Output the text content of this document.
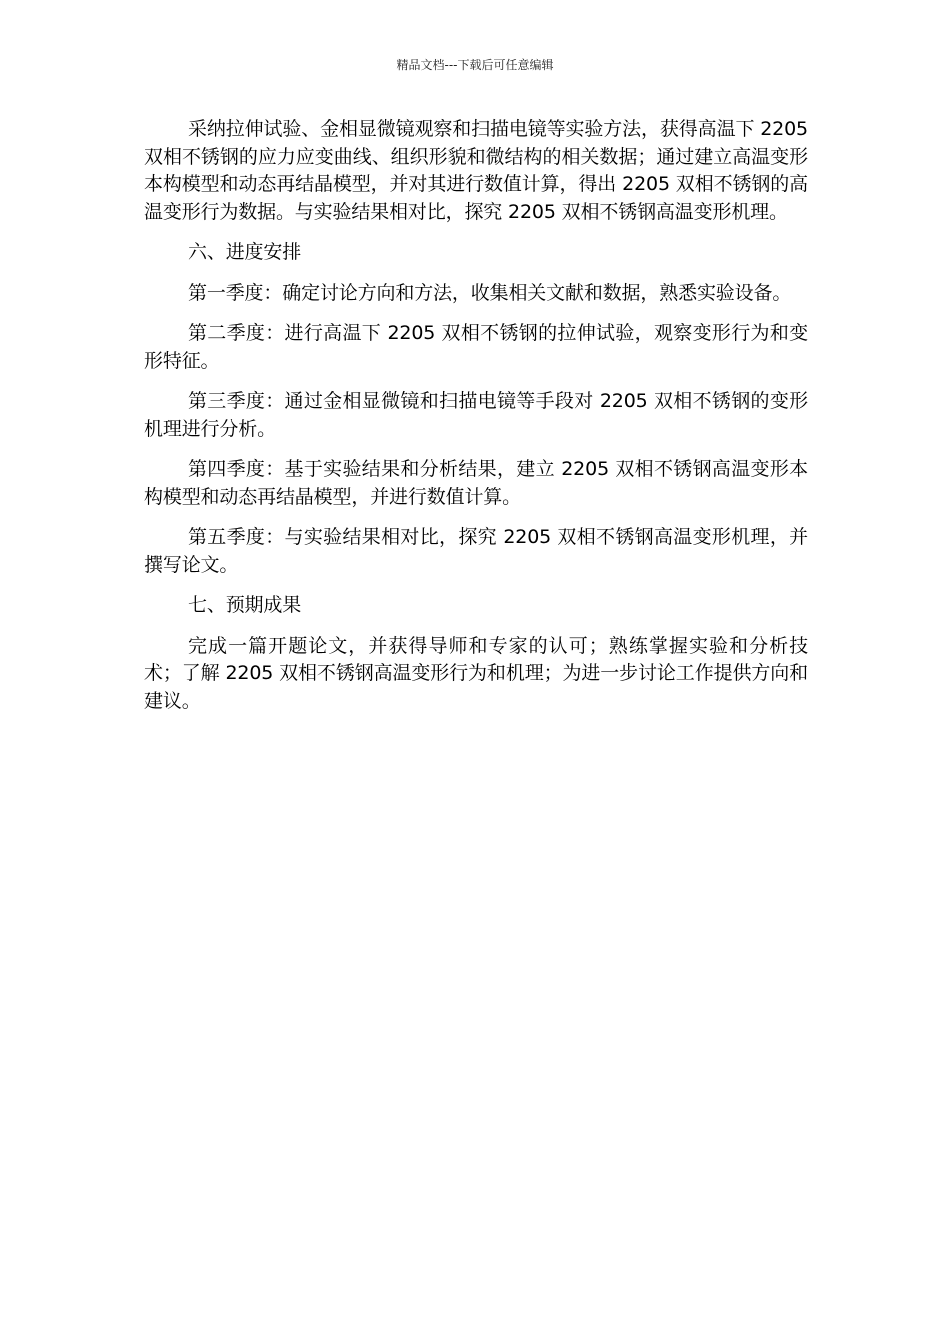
精品文档---下载后可任意编辑

采纳拉伸试验、金相显微镜观察和扫描电镜等实验方法，获得高温下 2205 双相不锈钢的应力应变曲线、组织形貌和微结构的相关数据；通过建立高温变形本构模型和动态再结晶模型，并对其进行数值计算，得出 2205 双相不锈钢的高温变形行为数据。与实验结果相对比，探究 2205 双相不锈钢高温变形机理。

六、进度安排

第一季度：确定讨论方向和方法，收集相关文献和数据，熟悉实验设备。

第二季度：进行高温下 2205 双相不锈钢的拉伸试验，观察变形行为和变形特征。

第三季度：通过金相显微镜和扫描电镜等手段对 2205 双相不锈钢的变形机理进行分析。

第四季度：基于实验结果和分析结果，建立 2205 双相不锈钢高温变形本构模型和动态再结晶模型，并进行数值计算。

第五季度：与实验结果相对比，探究 2205 双相不锈钢高温变形机理，并撰写论文。

七、预期成果

完成一篇开题论文，并获得导师和专家的认可；熟练掌握实验和分析技术；了解 2205 双相不锈钢高温变形行为和机理；为进一步讨论工作提供方向和建议。
